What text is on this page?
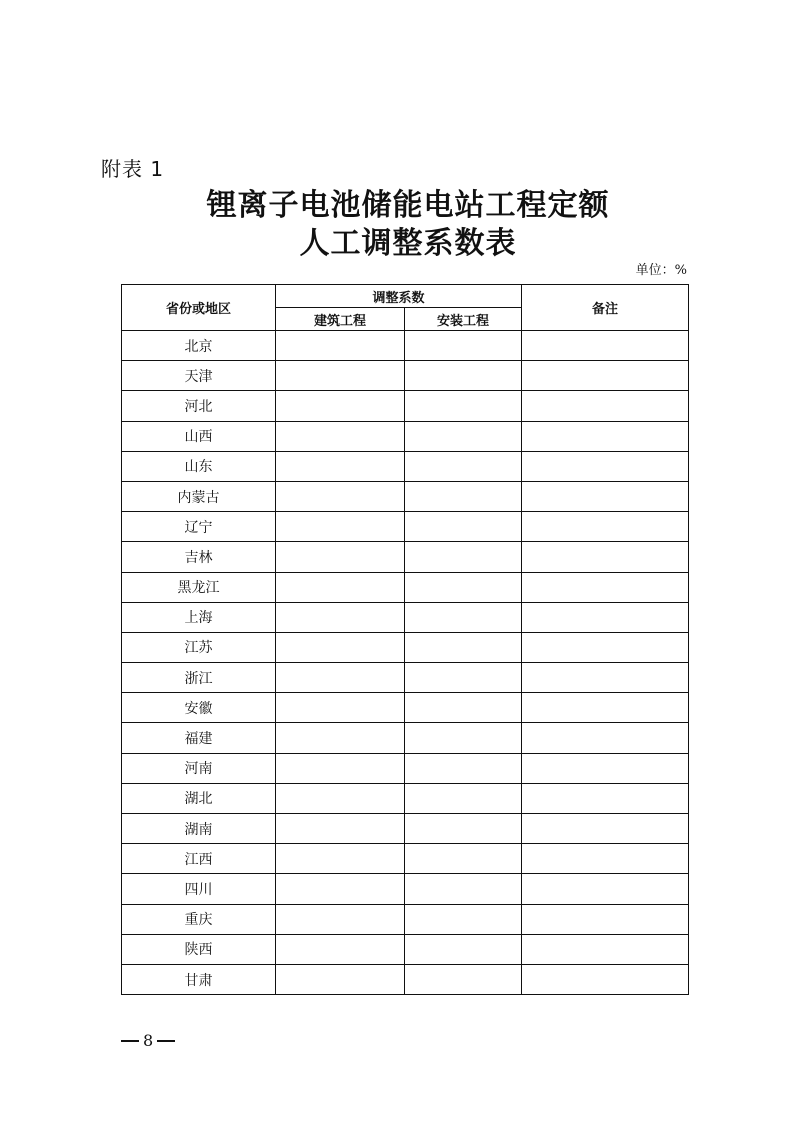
附表 1
锂离子电池储能电站工程定额
人工调整系数表
单位：%
省份或地区	调整系数		备注
	建筑工程	安装工程	
北京			
天津			
河北			
山西			
山东			
内蒙古			
辽宁			
吉林			
黑龙江			
上海			
江苏			
浙江			
安徽			
福建			
河南			
湖北			
湖南			
江西			
四川			
重庆			
陕西			
甘肃			
8
